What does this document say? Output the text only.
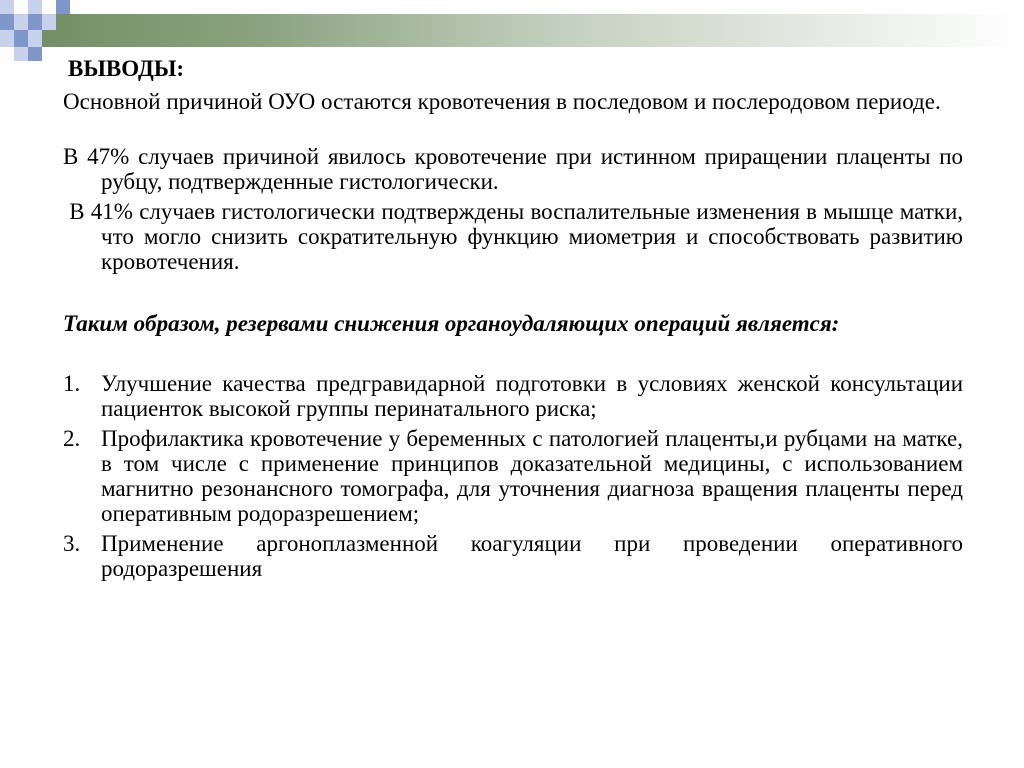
ВЫВОДЫ:

Основной причиной ОУО остаются кровотечения в последовом и послеродовом периоде.

В 47% случаев причиной явилось кровотечение при истинном приращении плаценты по рубцу, подтвержденные гистологически.

В 41% случаев гистологически подтверждены воспалительные изменения в мышце матки, что могло снизить сократительную функцию миометрия и способствовать развитию кровотечения.

Таким образом, резервами снижения органоудаляющих операций является:

1. Улучшение качества предгравидарной подготовки в условиях женской консультации пациенток высокой группы перинатального риска;
2. Профилактика кровотечение у беременных с патологией плаценты,и рубцами на матке, в том числе с применение принципов доказательной медицины, с использованием магнитно резонансного томографа, для уточнения диагноза вращения плаценты перед оперативным родоразрешением;
3. Применение аргоноплазменной коагуляции при проведении оперативного родоразрешения
